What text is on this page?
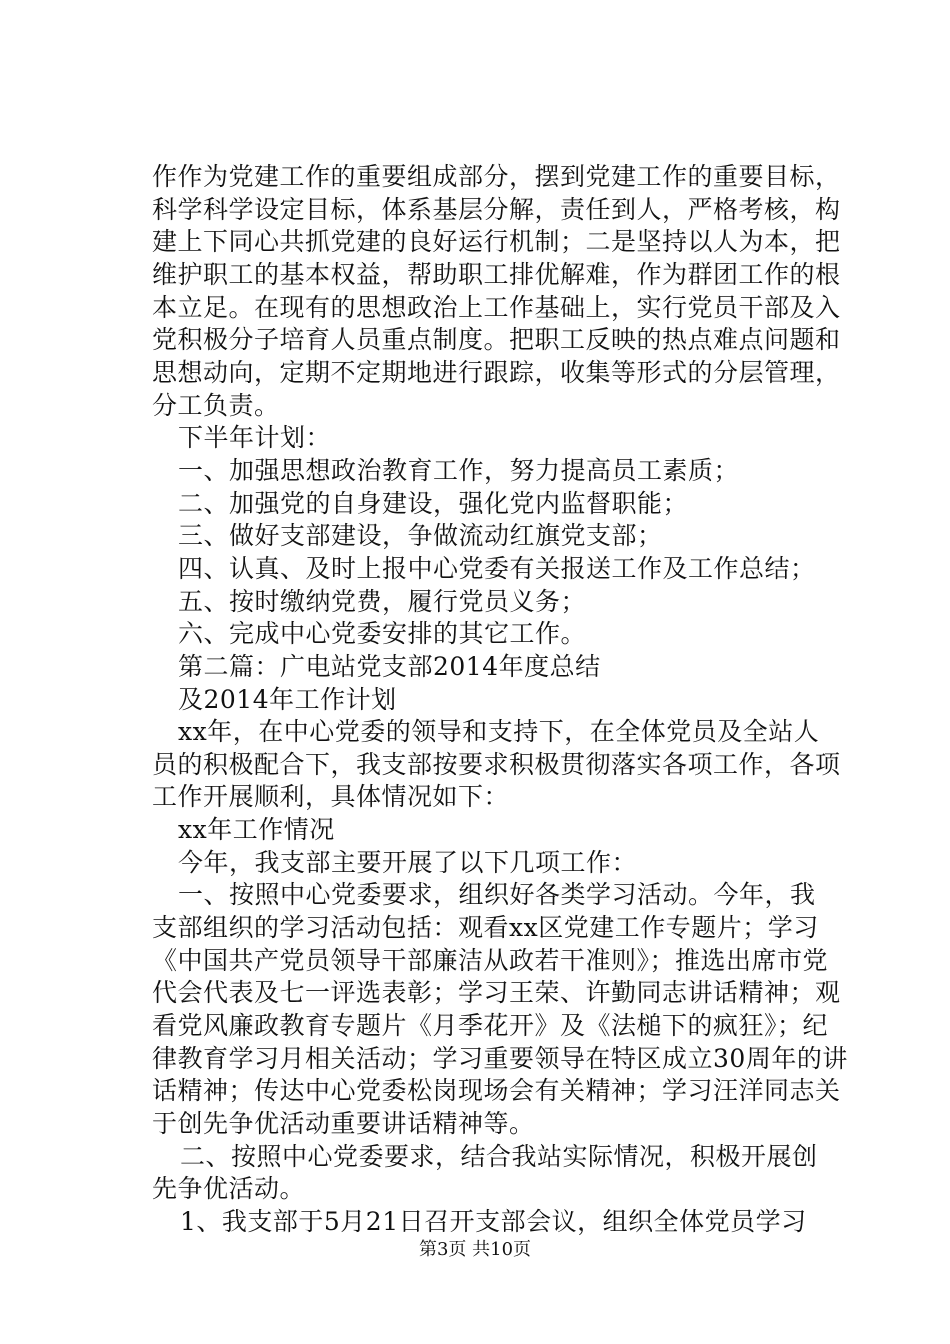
作作为党建工作的重要组成部分，摆到党建工作的重要目标，
科学科学设定目标，体系基层分解，责任到人，严格考核，构
建上下同心共抓党建的良好运行机制；二是坚持以人为本，把
维护职工的基本权益，帮助职工排优解难，作为群团工作的根
本立足。在现有的思想政治上工作基础上，实行党员干部及入
党积极分子培育人员重点制度。把职工反映的热点难点问题和
思想动向，定期不定期地进行跟踪，收集等形式的分层管理，
分工负责。
下半年计划：
一、加强思想政治教育工作，努力提高员工素质；
二、加强党的自身建设，强化党内监督职能；
三、做好支部建设，争做流动红旗党支部；
四、认真、及时上报中心党委有关报送工作及工作总结；
五、按时缴纳党费，履行党员义务；
六、完成中心党委安排的其它工作。
第二篇：广电站党支部2014年度总结
及2014年工作计划
xx年，在中心党委的领导和支持下，在全体党员及全站人
员的积极配合下，我支部按要求积极贯彻落实各项工作，各项
工作开展顺利，具体情况如下：
xx年工作情况
今年，我支部主要开展了以下几项工作：
一、按照中心党委要求，组织好各类学习活动。今年，我
支部组织的学习活动包括：观看xx区党建工作专题片；学习
《中国共产党员领导干部廉洁从政若干准则》；推选出席市党
代会代表及七一评选表彰；学习王荣、许勤同志讲话精神；观
看党风廉政教育专题片《月季花开》及《法槌下的疯狂》；纪
律教育学习月相关活动；学习重要领导在特区成立30周年的讲
话精神；传达中心党委松岗现场会有关精神；学习汪洋同志关
于创先争优活动重要讲话精神等。
二、按照中心党委要求，结合我站实际情况，积极开展创
先争优活动。
1、我支部于5月21日召开支部会议，组织全体党员学习
第3页 共10页
